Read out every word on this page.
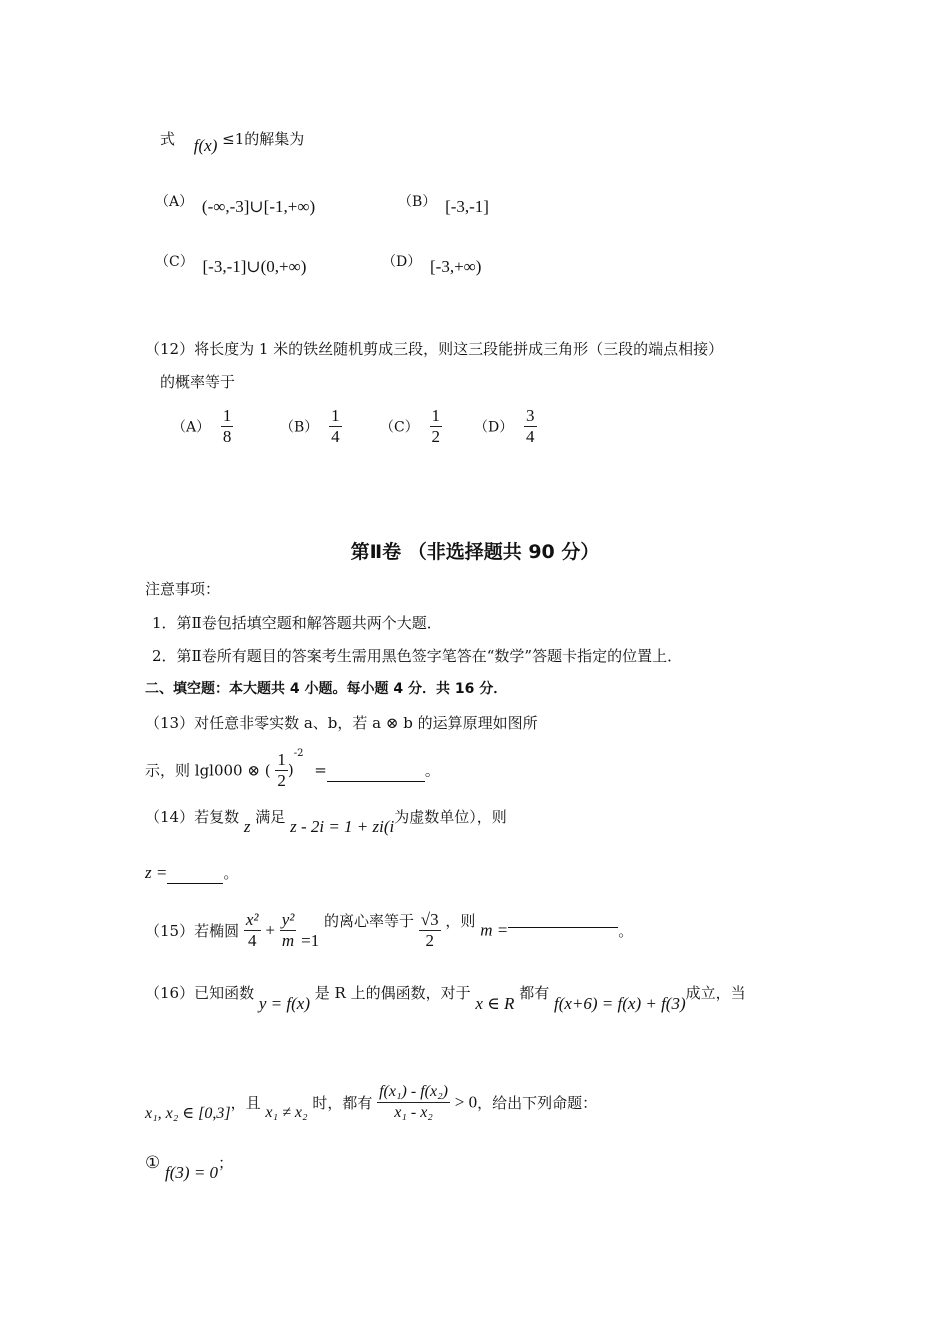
式 f(x) ≤1的解集为
（A） (-∞,-3]∪[-1,+∞)	（B） [-3,-1]
（C） [-3,-1]∪(0,+∞)	（D） [-3,+∞)
（12）将长度为 1 米的铁丝随机剪成三段，则这三段能拼成三角形（三段的端点相接）
的概率等于
$(A) \frac{1}{8}$	$(B) \frac{1}{4}$	$(C) \frac{1}{2} (D) \frac{3}{4}$
第Ⅱ卷 （非选择题共 90 分）
注意事项：
1．第Ⅱ卷包括填空题和解答题共两个大题．
2．第Ⅱ卷所有题目的答案考生需用黑色签字笔答在“数学”答题卡指定的位置上．
二、填空题：本大题共 4 小题。每小题 4 分．共 16 分．
（13）对任意非零实数 a、b，若 a ⊗ b 的运算原理如图所
示，则 lgl000 ⊗ ( $\frac{1}{2} )^{-2}$ =	。
（14）若复数 z 满足 z - 2i = 1 + zi(i为虚数单位），则
z =	。
（15）若椭圆 $\frac{\text{x²}}{4} + \frac{\text{y²}}{m} =1$ 的离心率等于 $\frac{√3}{2}$ ，则 m =	。
（16）已知函数 y = f(x) 是 R 上的偶函数，对于 x ∈ R 都有 f(x+6) = f(x) + f(3)成立，当
x₁, x₂ ∈ [0,3]，且 x₁ ≠ x₂ 时，都有 $\frac{\text{f(x₁) - f(x₂)}}{\text{x₁ - x₂}} > 0$，给出下列命题：
① f(3) = 0；
